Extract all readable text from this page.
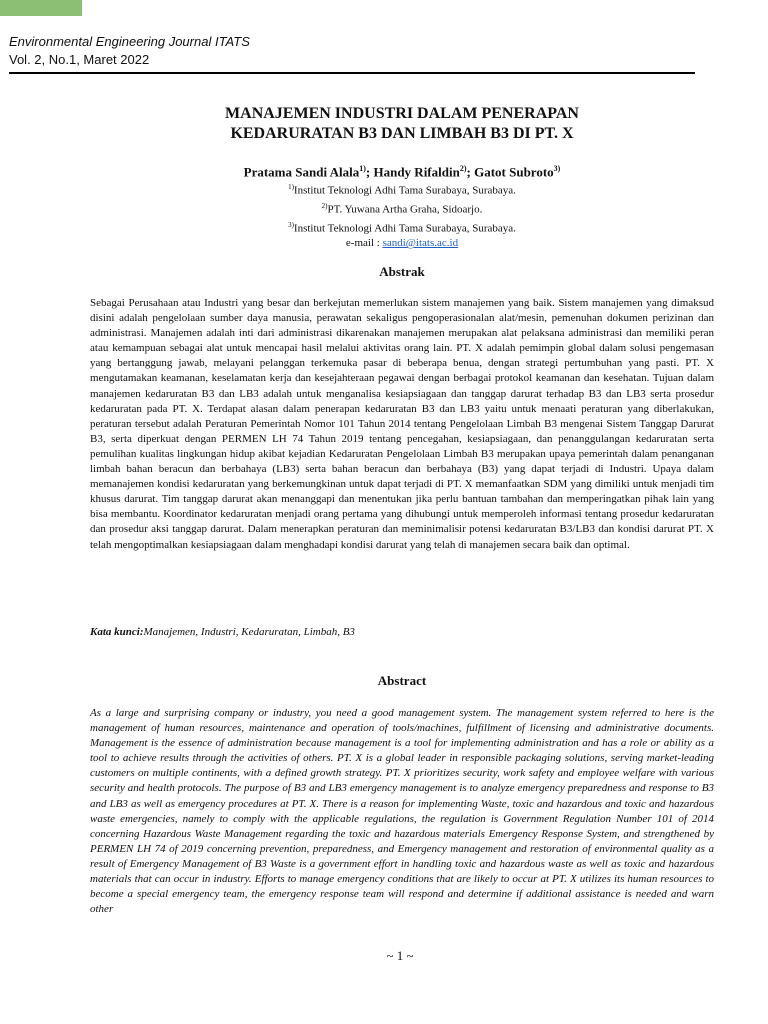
Environmental Engineering Journal ITATS
Vol. 2, No.1, Maret 2022
MANAJEMEN INDUSTRI DALAM PENERAPAN
KEDARURATAN B3 DAN LIMBAH B3 DI PT. X
Pratama Sandi Alala$^{1)}$; Handy Rifaldin$^{2)}$; Gatot Subroto$^{3)}$
$^{1)}$Institut Teknologi Adhi Tama Surabaya, Surabaya.
$^{2)}$PT. Yuwana Artha Graha, Sidoarjo.
$^{3)}$Institut Teknologi Adhi Tama Surabaya, Surabaya.
e-mail : sandi@itats.ac.id
Abstrak

Sebagai Perusahaan atau Industri yang besar dan berkejutan memerlukan sistem manajemen yang baik. Sistem manajemen yang dimaksud disini adalah pengelolaan sumber daya manusia, perawatan sekaligus pengoperasionalan alat/mesin, pemenuhan dokumen perizinan dan administrasi. Manajemen adalah inti dari administrasi dikarenakan manajemen merupakan alat pelaksana administrasi dan memiliki peran atau kemampuan sebagai alat untuk mencapai hasil melalui aktivitas orang lain. PT. X adalah pemimpin global dalam solusi pengemasan yang bertanggung jawab, melayani pelanggan terkemuka pasar di beberapa benua, dengan strategi pertumbuhan yang pasti. PT. X mengutamakan keamanan, keselamatan kerja dan kesejahteraan pegawai dengan berbagai protokol keamanan dan kesehatan. Tujuan dalam manajemen kedaruratan B3 dan LB3 adalah untuk menganalisa kesiapsiagaan dan tanggap darurat terhadap B3 dan LB3 serta prosedur kedaruratan pada PT. X. Terdapat alasan dalam penerapan kedaruratan B3 dan LB3 yaitu untuk menaati peraturan yang diberlakukan, peraturan tersebut adalah Peraturan Pemerintah Nomor 101 Tahun 2014 tentang Pengelolaan Limbah B3 mengenai Sistem Tanggap Darurat B3, serta diperkuat dengan PERMEN LH 74 Tahun 2019 tentang pencegahan, kesiapsiagaan, dan penanggulangan kedaruratan serta pemulihan kualitas lingkungan hidup akibat kejadian Kedaruratan Pengelolaan Limbah B3 merupakan upaya pemerintah dalam penanganan limbah bahan beracun dan berbahaya (LB3) serta bahan beracun dan berbahaya (B3) yang dapat terjadi di Industri. Upaya dalam memanajemen kondisi kedaruratan yang berkemungkinan untuk dapat terjadi di PT. X memanfaatkan SDM yang dimiliki untuk menjadi tim khusus darurat. Tim tanggap darurat akan menanggapi dan menentukan jika perlu bantuan tambahan dan memperingatkan pihak lain yang bisa membantu. Koordinator kedaruratan menjadi orang pertama yang dihubungi untuk memperoleh informasi tentang prosedur kedaruratan dan prosedur aksi tanggap darurat. Dalam menerapkan peraturan dan meminimalisir potensi kedaruratan B3/LB3 dan kondisi darurat PT. X telah mengoptimalkan kesiapsiagaan dalam menghadapi kondisi darurat yang telah di manajemen secara baik dan optimal.

Kata kunci:Manajemen, Industri, Kedaruratan, Limbah, B3
Abstract

As a large and surprising company or industry, you need a good management system. The management system referred to here is the management of human resources, maintenance and operation of tools/machines, fulfillment of licensing and administrative documents. Management is the essence of administration because management is a tool for implementing administration and has a role or ability as a tool to achieve results through the activities of others. PT. X is a global leader in responsible packaging solutions, serving market-leading customers on multiple continents, with a defined growth strategy. PT. X prioritizes security, work safety and employee welfare with various security and health protocols. The purpose of B3 and LB3 emergency management is to analyze emergency preparedness and response to B3 and LB3 as well as emergency procedures at PT. X. There is a reason for implementing Waste, toxic and hazardous and toxic and hazardous waste emergencies, namely to comply with the applicable regulations, the regulation is Government Regulation Number 101 of 2014 concerning Hazardous Waste Management regarding the toxic and hazardous materials Emergency Response System, and strengthened by PERMEN LH 74 of 2019 concerning prevention, preparedness, and Emergency management and restoration of environmental quality as a result of Emergency Management of B3 Waste is a government effort in handling toxic and hazardous waste as well as toxic and hazardous materials that can occur in industry. Efforts to manage emergency conditions that are likely to occur at PT. X utilizes its human resources to become a special emergency team, the emergency response team will respond and determine if additional assistance is needed and warn other

~ 1 ~
